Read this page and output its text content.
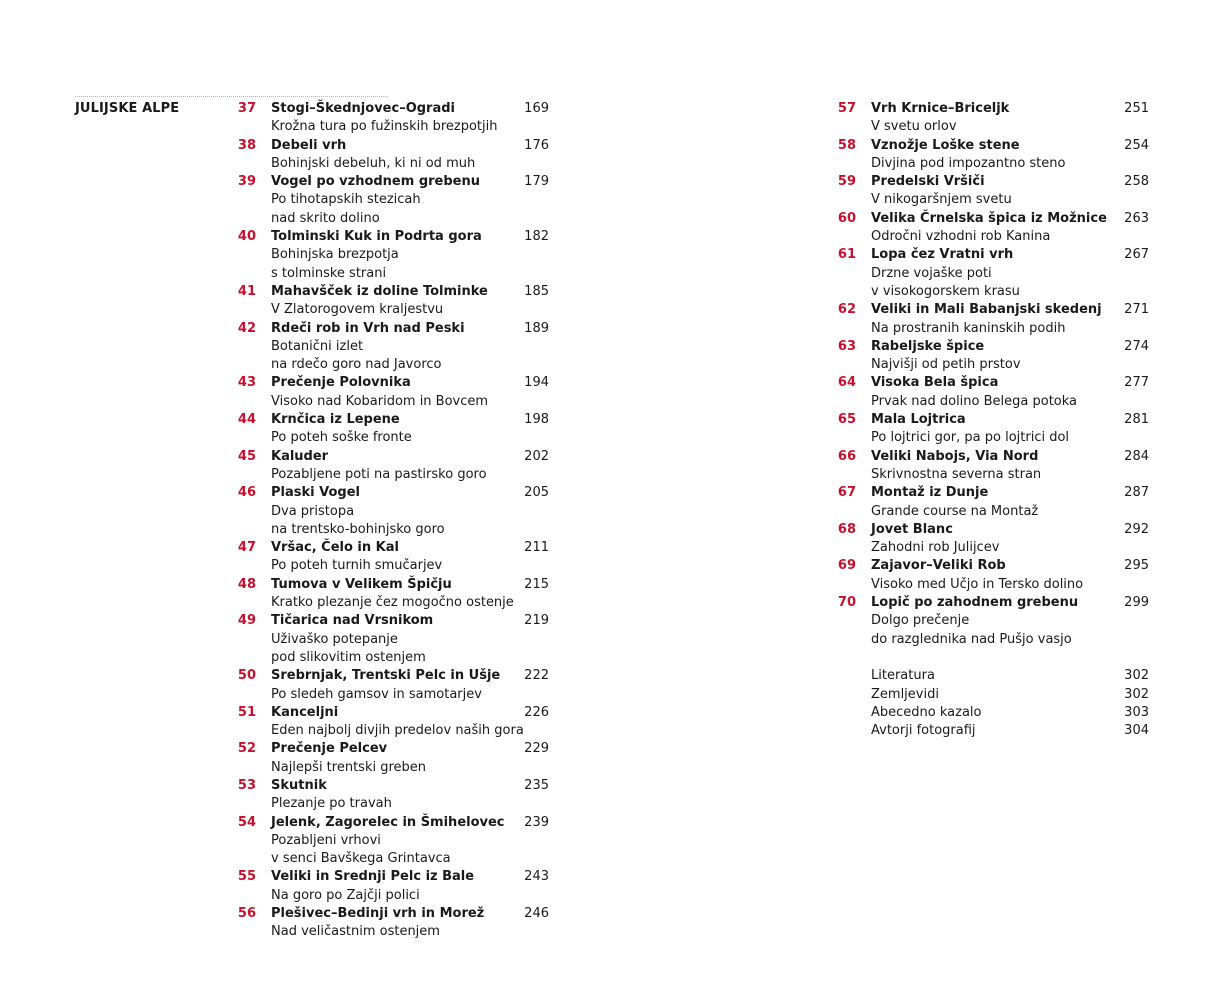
JULIJSKE ALPE	37 Stogi–Škednjovec–Ogradi	169
Krožna tura po fužinskih brezpotjih
38 Debeli vrh	176
Bohinjski debeluh, ki ni od muh
39 Vogel po vzhodnem grebenu	179
Po tihotapskih stezicah
nad skrito dolino
40 Tolminski Kuk in Podrta gora	182
Bohinjska brezpotja
s tolminske strani
41 Mahavšček iz doline Tolminke	185
V Zlatorogovem kraljestvu
42 Rdeči rob in Vrh nad Peski	189
Botanični izlet
na rdečo goro nad Javorco
43 Prečenje Polovnika	194
Visoko nad Kobaridom in Bovcem
44 Krnčica iz Lepene	198
Po poteh soške fronte
45 Kaluder	202
Pozabljene poti na pastirsko goro
46 Plaski Vogel	205
Dva pristopa
na trentsko-bohinjsko goro
47 Vršac, Čelo in Kal	211
Po poteh turnih smučarjev
48 Tumova v Velikem Špičju	215
Kratko plezanje čez mogočno ostenje
49 Tičarica nad Vrsnikom	219
Uživaško potepanje
pod slikovitim ostenjem
50 Srebrnjak, Trentski Pelc in Ušje 222
Po sledeh gamsov in samotarjev
51 Kanceljni	226
Eden najbolj divjih predelov naših gora
52 Prečenje Pelcev	229
Najlepši trentski greben
53 Skutnik	235
Plezanje po travah
54 Jelenk, Zagorelec in Šmihelovec 239
Pozabljeni vrhovi
v senci Bavškega Grintavca
55 Veliki in Srednji Pelc iz Bale	243
Na goro po Zajčji polici
56 Plešivec–Bedinji vrh in Morež	246
Nad veličastnim ostenjem
57 Vrh Krnice–Briceljk	251
V svetu orlov
58 Vznožje Loške stene	254
Divjina pod impozantno steno
59 Predelski Vršiči	258
V nikogaršnjem svetu
60 Velika Črnelska špica iz Možnice 263
Odročni vzhodni rob Kanina
61 Lopa čez Vratni vrh	267
Drzne vojaške poti
v visokogorskem krasu
62 Veliki in Mali Babanjski skedenj 271
Na prostranih kaninskih podih
63 Rabeljske špice	274
Najvišji od petih prstov
64 Visoka Bela špica	277
Prvak nad dolino Belega potoka
65 Mala Lojtrica	281
Po lojtrici gor, pa po lojtrici dol
66 Veliki Nabojs, Via Nord	284
Skrivnostna severna stran
67 Montaž iz Dunje	287
Grande course na Montaž
68 Jovet Blanc	292
Zahodni rob Julijcev
69 Zajavor–Veliki Rob	295
Visoko med Učjo in Tersko dolino
70 Lopič po zahodnem grebenu	299
Dolgo prečenje
do razglednika nad Pušjo vasjo
Literatura	302
Zemljevidi	302
Abecedno kazalo	303
Avtorji fotografij	304
